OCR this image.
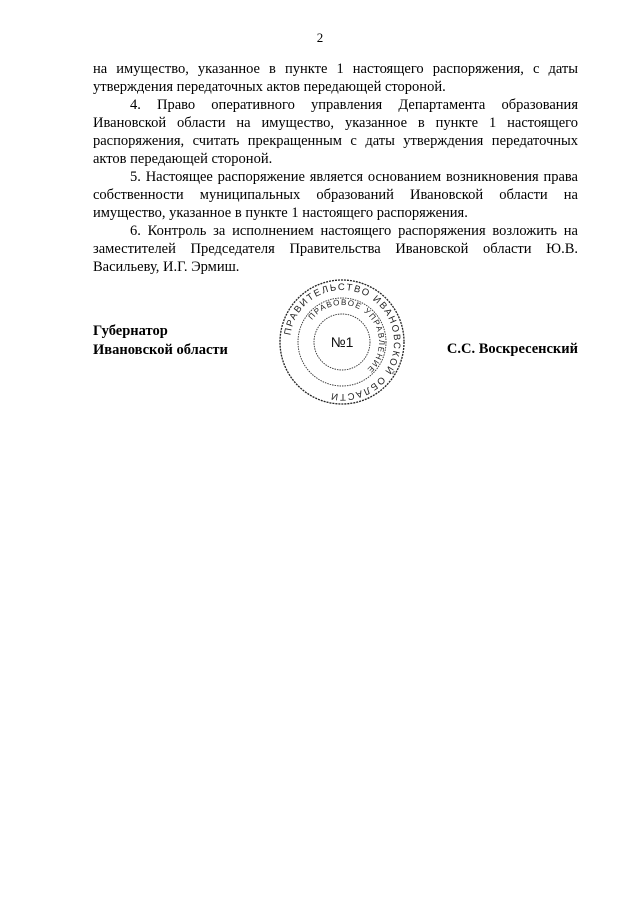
2

на имущество, указанное в пункте 1 настоящего распоряжения, с даты утверждения передаточных актов передающей стороной.

4. Право оперативного управления Департамента образования Ивановской области на имущество, указанное в пункте 1 настоящего распоряжения, считать прекращенным с даты утверждения передаточных актов передающей стороной.

5. Настоящее распоряжение является основанием возникновения права собственности муниципальных образований Ивановской области на имущество, указанное в пункте 1 настоящего распоряжения.

6. Контроль за исполнением настоящего распоряжения возложить на заместителей Председателя Правительства Ивановской области Ю.В. Васильеву, И.Г. Эрмиш.

Губернатор
Ивановской области
ПРАВИТЕЛЬСТВО ИВАНОВСКОЙ ОБЛАСТИ
ПРАВОВОЕ УПРАВЛЕНИЕ
№1	С.С. Воскресенский
